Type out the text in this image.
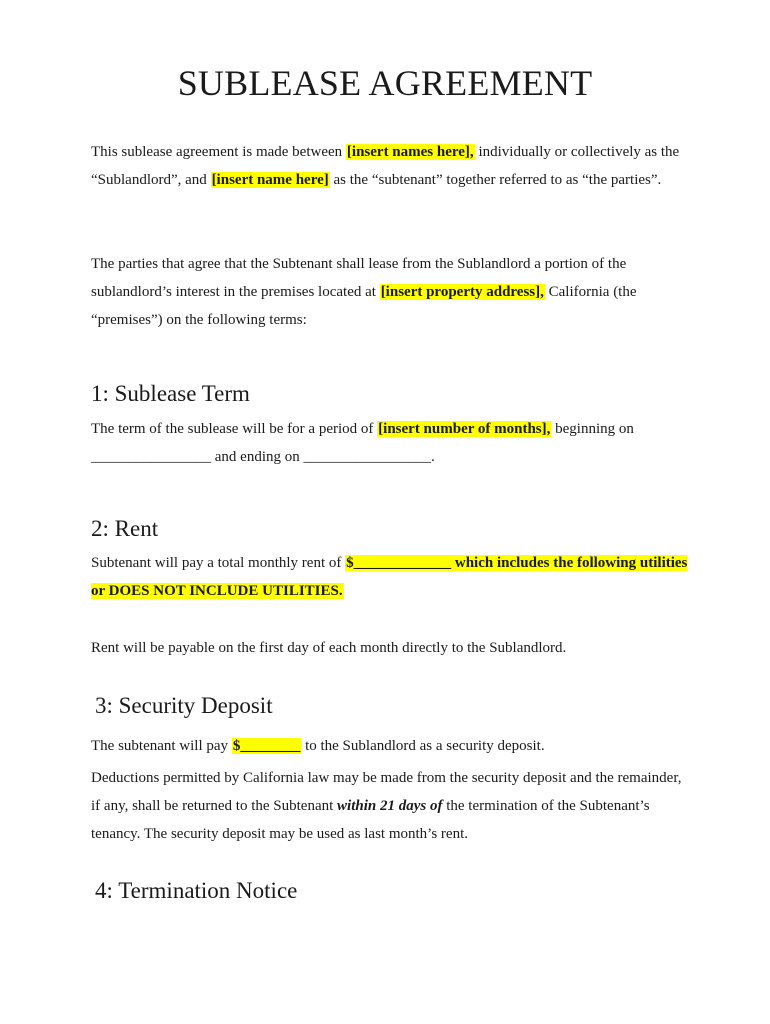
SUBLEASE AGREEMENT

This sublease agreement is made between [insert names here], individually or collectively as the “Sublandlord”, and [insert name here] as the “subtenant” together referred to as “the parties”.

The parties that agree that the Subtenant shall lease from the Sublandlord a portion of the sublandlord’s interest in the premises located at [insert property address], California (the “premises”) on the following terms:

1: Sublease Term

The term of the sublease will be for a period of [insert number of months], beginning on ________________ and ending on _________________.

2: Rent

Subtenant will pay a total monthly rent of $_____________ which includes the following utilities or DOES NOT INCLUDE UTILITIES.

Rent will be payable on the first day of each month directly to the Sublandlord.

3: Security Deposit

The subtenant will pay $________ to the Sublandlord as a security deposit.

Deductions permitted by California law may be made from the security deposit and the remainder, if any, shall be returned to the Subtenant within 21 days of the termination of the Subtenant’s tenancy. The security deposit may be used as last month’s rent.

4: Termination Notice
